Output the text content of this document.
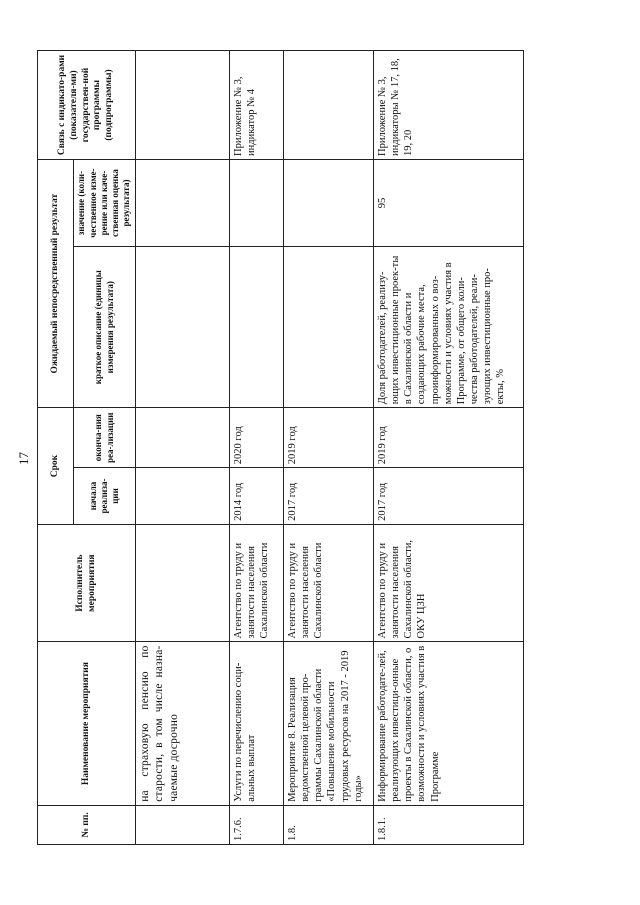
17
№ пп.	Наименование мероприятия	Исполнитель мероприятия	Срок		Ожидаемый непосредственный результат		Связь с индикато-рами (показателя-ми) государствен-ной программы (подпрограммы)
			начала реализа-ции	оконча-ния реа-лизации	краткое описание (единицы измерения результата)	значение (коли-чественное изме-рение или каче-ственная оценка результата)	
	на страховую пенсию по старости, в том числе назна-чаемые досрочно						
1.7.6.	Услуги по перечислению соци-альных выплат	Агентство по труду и занятости населения Сахалинской области	2014 год	2020 год			Приложение № 3, индикатор № 4
1.8.	Мероприятие 8. Реализация ведомственной целевой про-граммы Сахалинской области «Повышение мобильности трудовых ресурсов на 2017 - 2019 годы»	Агентство по труду и занятости населения Сахалинской области	2017 год	2019 год			
1.8.1.	Информирование работодате-лей, реализующих инвестици-онные проекты в Сахалинской области, о возможности и условиях участия в Программе	Агентство по труду и занятости населения Сахалинской области, ОКУ ЦЗН	2017 год	2019 год	Доля работодателей, реализу-ющих инвестиционные проек-ты в Сахалинской области и создающих рабочие места, проинформированных о воз-можности и условиях участия в Программе, от общего коли-чества работодателей, реали-зующих инвестиционные про-екты, %	95	Приложение № 3, индикаторы № 17, 18, 19, 20
